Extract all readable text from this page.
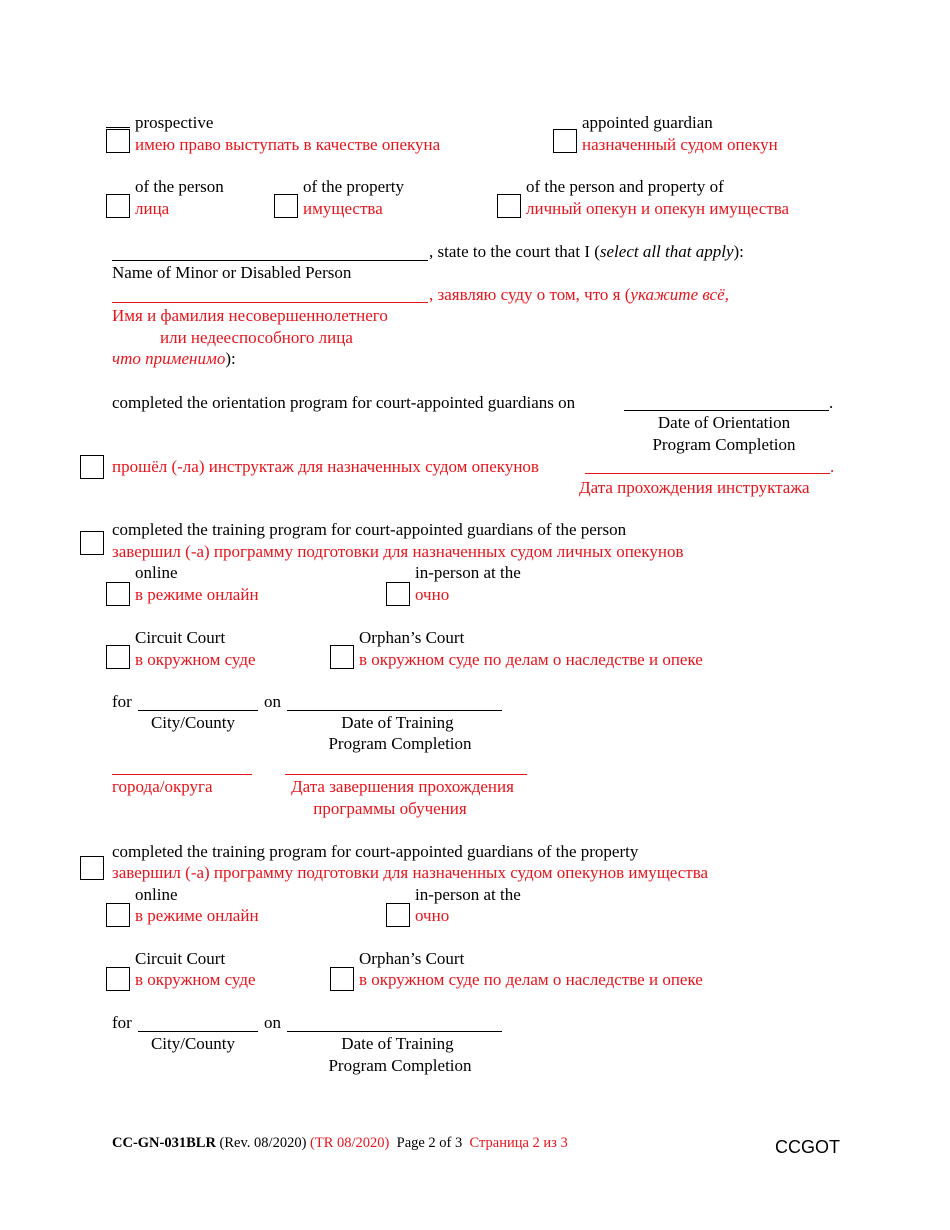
prospective
имею право выступать в качестве опекуна
appointed guardian
назначенный судом опекун
of the person
лица
of the property
имущества
of the person and property of
личный опекун и опекун имущества
, state to the court that I (select all that apply):
Name of Minor or Disabled Person
, заявляю суду о том, что я (укажите всё,
Имя и фамилия несовершеннолетнего
или недееспособного лица
что применимо):
completed the orientation program for court-appointed guardians on	.
Date of Orientation
Program Completion
прошёл (-ла) инструктаж для назначенных судом опекунов	.
Дата прохождения инструктажа
completed the training program for court-appointed guardians of the person
завершил (-а) программу подготовки для назначенных судом личных опекунов
online
в режиме онлайн
in-person at the
очно
Circuit Court
в окружном суде
Orphan’s Court
в окружном суде по делам о наследстве и опеке
for	on
City/County	Date of Training
Program Completion
города/округа	Дата завершения прохождения
программы обучения
completed the training program for court-appointed guardians of the property
завершил (-а) программу подготовки для назначенных судом опекунов имущества
online
в режиме онлайн
in-person at the
очно
Circuit Court
в окружном суде
Orphan’s Court
в окружном суде по делам о наследстве и опеке
for	on
City/County	Date of Training
Program Completion
CC-GN-031BLR (Rev. 08/2020) (TR 08/2020) Page 2 of 3 Страница 2 из 3	CCGOT
